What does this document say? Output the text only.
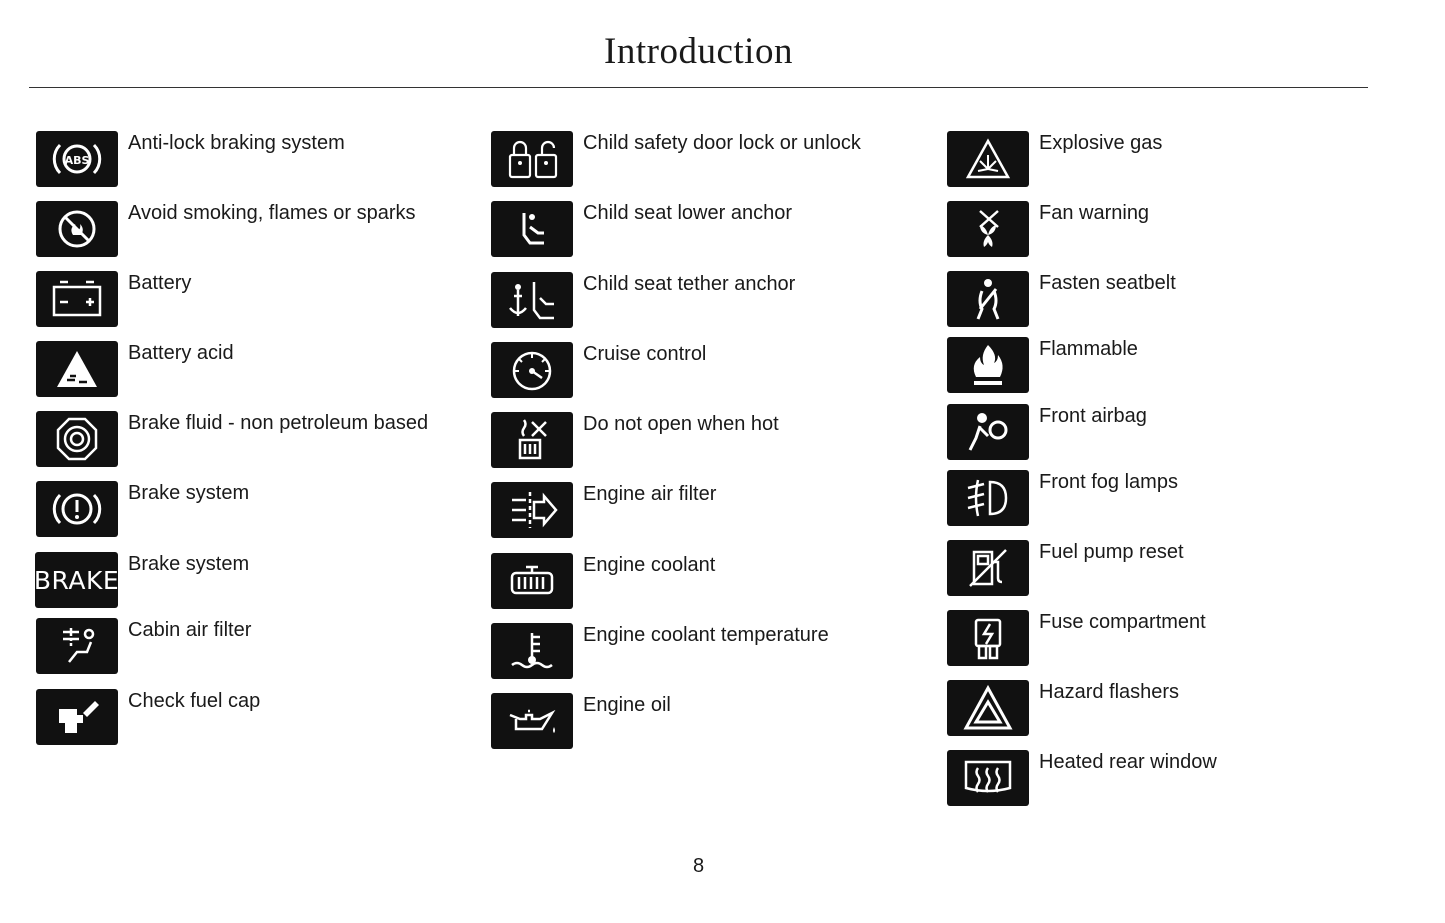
Introduction
ABS
Anti-lock braking system
Avoid smoking, flames or sparks
Battery
Battery acid
Brake fluid - non petroleum based
Brake system
BRAKE
Brake system
Cabin air filter
Check fuel cap
Child safety door lock or unlock
Child seat lower anchor
Child seat tether anchor
Cruise control
Do not open when hot
Engine air filter
Engine coolant
Engine coolant temperature
Engine oil
Explosive gas
Fan warning
Fasten seatbelt
Flammable
Front airbag
Front fog lamps
Fuel pump reset
Fuse compartment
Hazard flashers
Heated rear window
8
